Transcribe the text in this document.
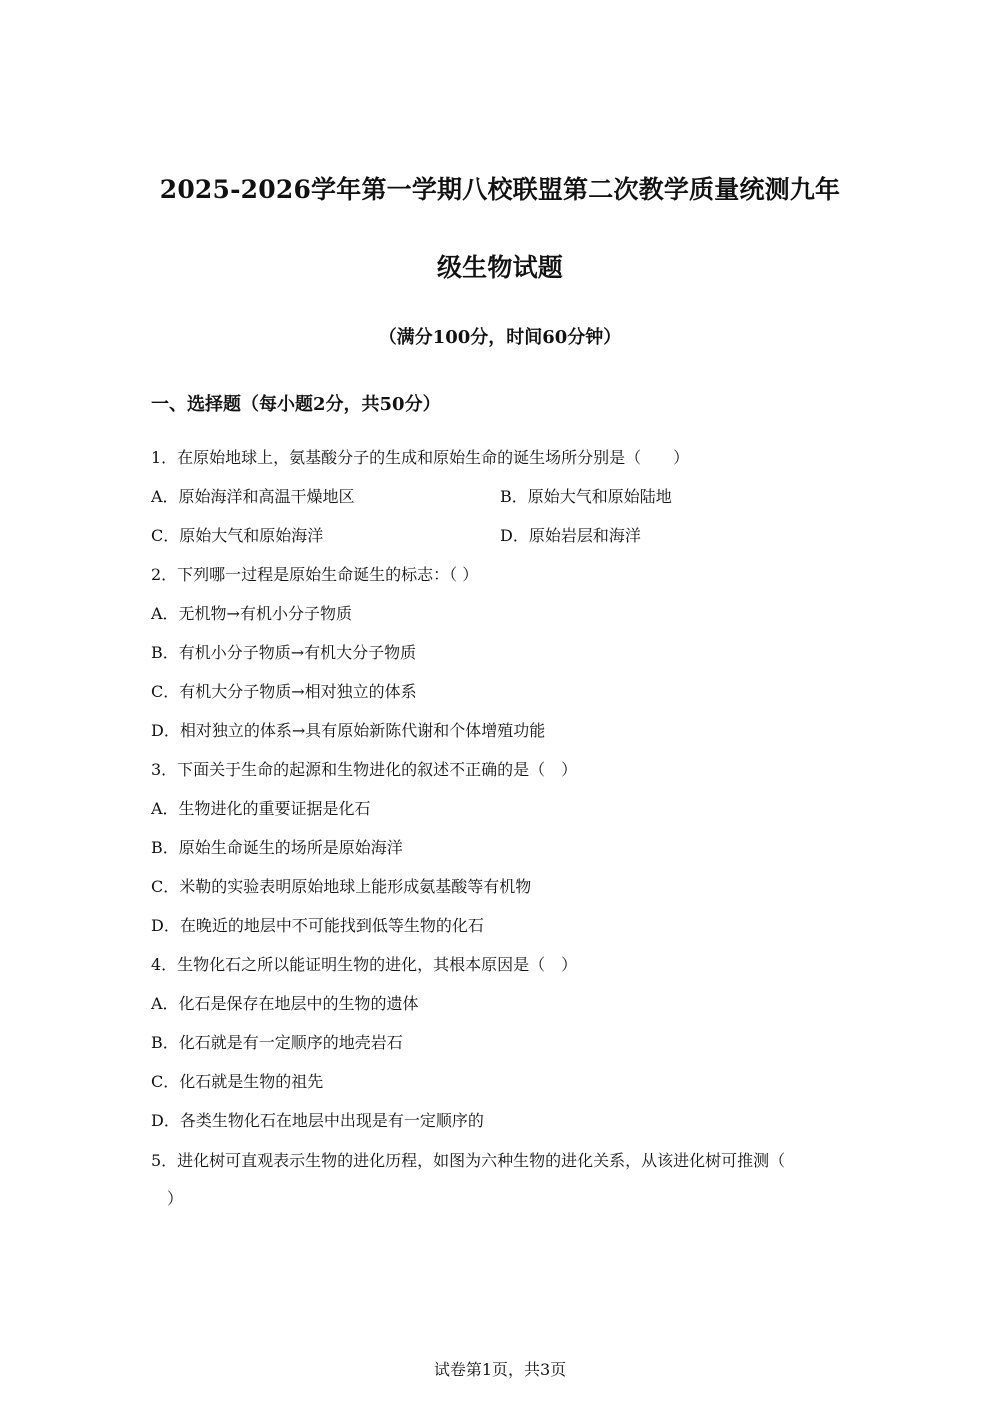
2025-2026学年第一学期八校联盟第二次教学质量统测九年
级生物试题
（满分100分，时间60分钟）
一、选择题（每小题2分，共50分）
1．在原始地球上，氨基酸分子的生成和原始生命的诞生场所分别是（　　）
A．原始海洋和高温干燥地区	B．原始大气和原始陆地
C．原始大气和原始海洋	D．原始岩层和海洋
2．下列哪一过程是原始生命诞生的标志：（ ）
A．无机物→有机小分子物质
B．有机小分子物质→有机大分子物质
C．有机大分子物质→相对独立的体系
D．相对独立的体系→具有原始新陈代谢和个体增殖功能
3．下面关于生命的起源和生物进化的叙述不正确的是（　）
A．生物进化的重要证据是化石
B．原始生命诞生的场所是原始海洋
C．米勒的实验表明原始地球上能形成氨基酸等有机物
D．在晚近的地层中不可能找到低等生物的化石
4．生物化石之所以能证明生物的进化，其根本原因是（　）
A．化石是保存在地层中的生物的遗体
B．化石就是有一定顺序的地壳岩石
C．化石就是生物的祖先
D．各类生物化石在地层中出现是有一定顺序的
5．进化树可直观表示生物的进化历程，如图为六种生物的进化关系，从该进化树可推测（
　）
试卷第1页，共3页
